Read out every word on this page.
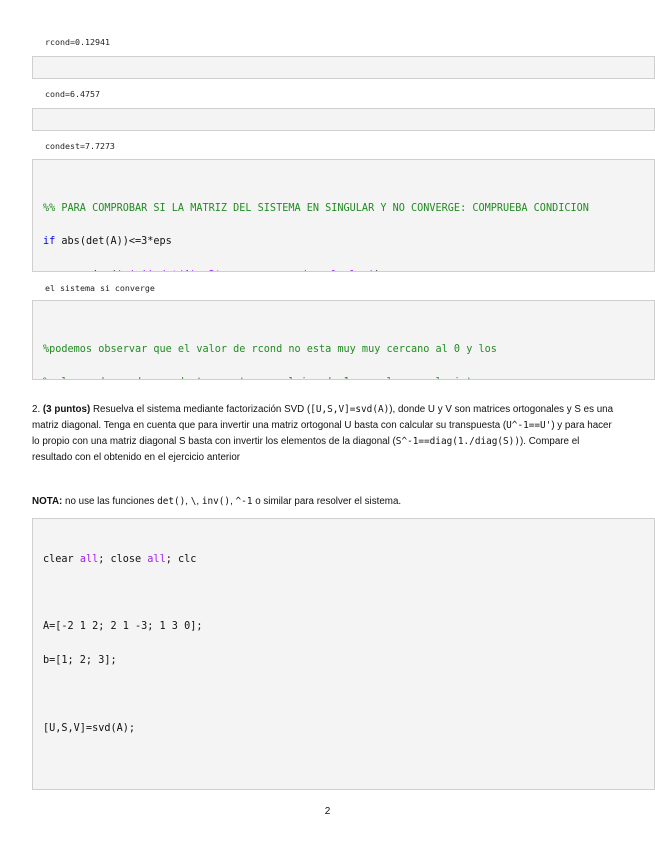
rcond=0.12941

cond=6.4757

condest=7.7273

%% PARA COMPROBAR SI LA MATRIZ DEL SISTEMA EN SINGULAR Y NO CONVERGE: COMPRUEBA CONDICION

if abs(det(A))<=3*eps

el sistema si converge

%podemos observar que el valor de rcond no esta muy muy cercano al 0 y los

2. (3 puntos) Resuelva el sistema mediante factorización SVD ([U,S,V]=svd(A)), donde U y V son matrices ortogonales y S es una matriz diagonal. Tenga en cuenta que para invertir una matriz ortogonal U basta con calcular su transpuesta (U^-1==U') y para hacer lo propio con una matriz diagonal S basta con invertir los elementos de la diagonal (S^-1==diag(1./diag(S))). Compare el resultado con el obtenido en el ejercicio anterior
NOTA: no use las funciones det(), \, inv(), ^-1 o similar para resolver el sistema.

clear all; close all; clc

A=[-2 1 2; 2 1 -3; 1 3 0];

b=[1; 2; 3];

[U,S,V]=svd(A);

2
